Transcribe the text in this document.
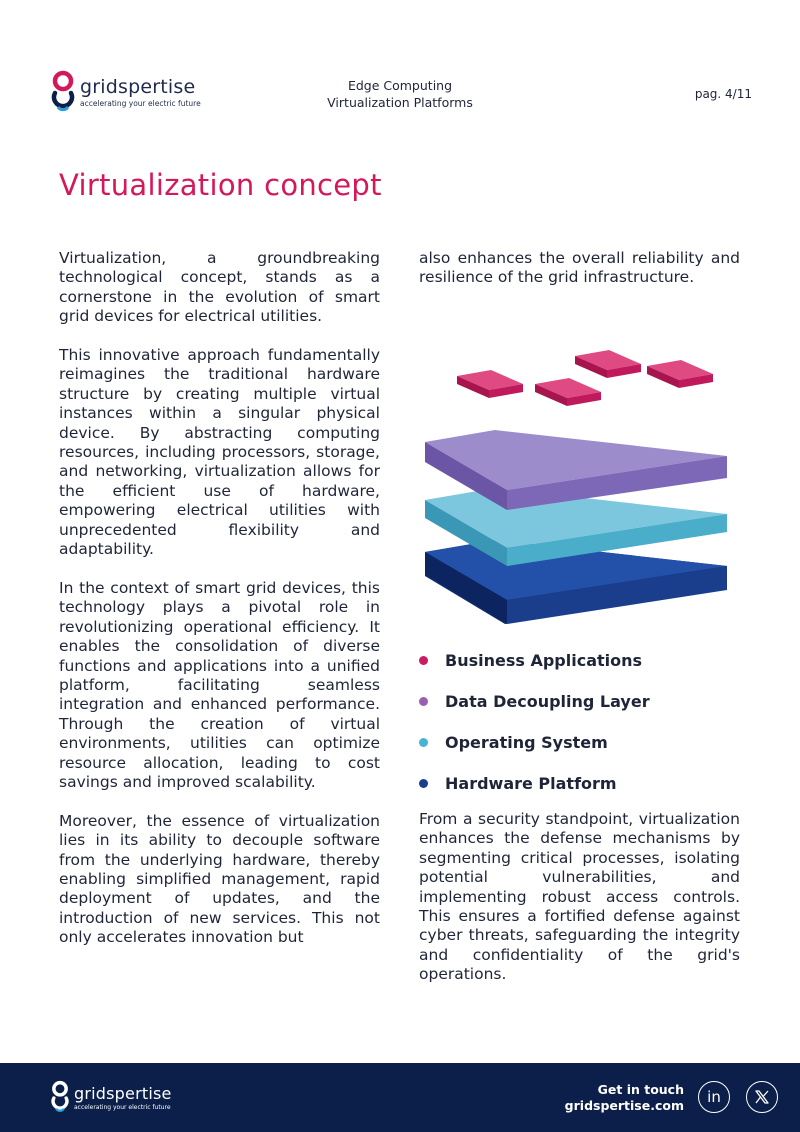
gridspertise
accelerating your electric future
Edge Computing
Virtualization Platforms
pag. 4/11
Virtualization concept

Virtualization, a groundbreaking technological concept, stands as a cornerstone in the evolution of smart grid devices for electrical utilities.

This innovative approach fundamentally reimagines the traditional hardware structure by creating multiple virtual instances within a singular physical device. By abstracting computing resources, including processors, storage, and networking, virtualization allows for the efficient use of hardware, empowering electrical utilities with unprecedented flexibility and adaptability.

In the context of smart grid devices, this technology plays a pivotal role in revolutionizing operational efficiency. It enables the consolidation of diverse functions and applications into a unified platform, facilitating seamless integration and enhanced performance. Through the creation of virtual environments, utilities can optimize resource allocation, leading to cost savings and improved scalability.

Moreover, the essence of virtualization lies in its ability to decouple software from the underlying hardware, thereby enabling simplified management, rapid deployment of updates, and the introduction of new services. This not only accelerates innovation but

also enhances the overall reliability and resilience of the grid infrastructure.

Business Applications
Data Decoupling Layer
Operating System
Hardware Platform

From a security standpoint, virtualization enhances the defense mechanisms by segmenting critical processes, isolating potential vulnerabilities, and implementing robust access controls. This ensures a fortified defense against cyber threats, safeguarding the integrity and confidentiality of the grid's operations.

gridspertise
accelerating your electric future
Get in touch
gridspertise.com in
